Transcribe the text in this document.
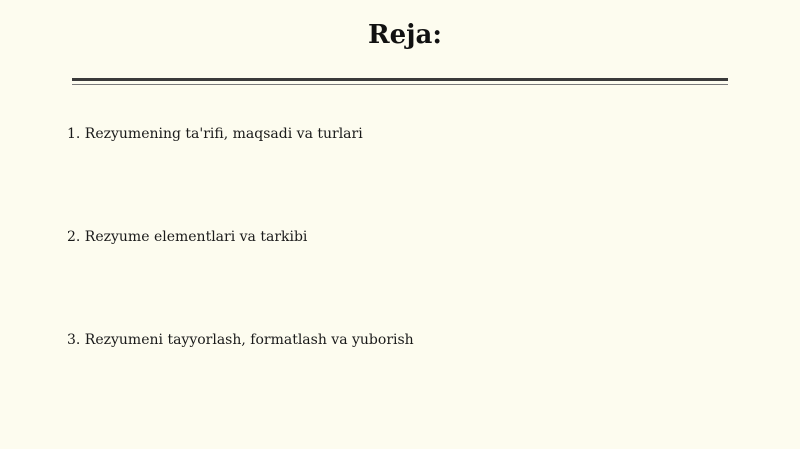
Reja:
1. Rezyumening ta'rifi, maqsadi va turlari
2. Rezyume elementlari va tarkibi
3. Rezyumeni tayyorlash, formatlash va yuborish
